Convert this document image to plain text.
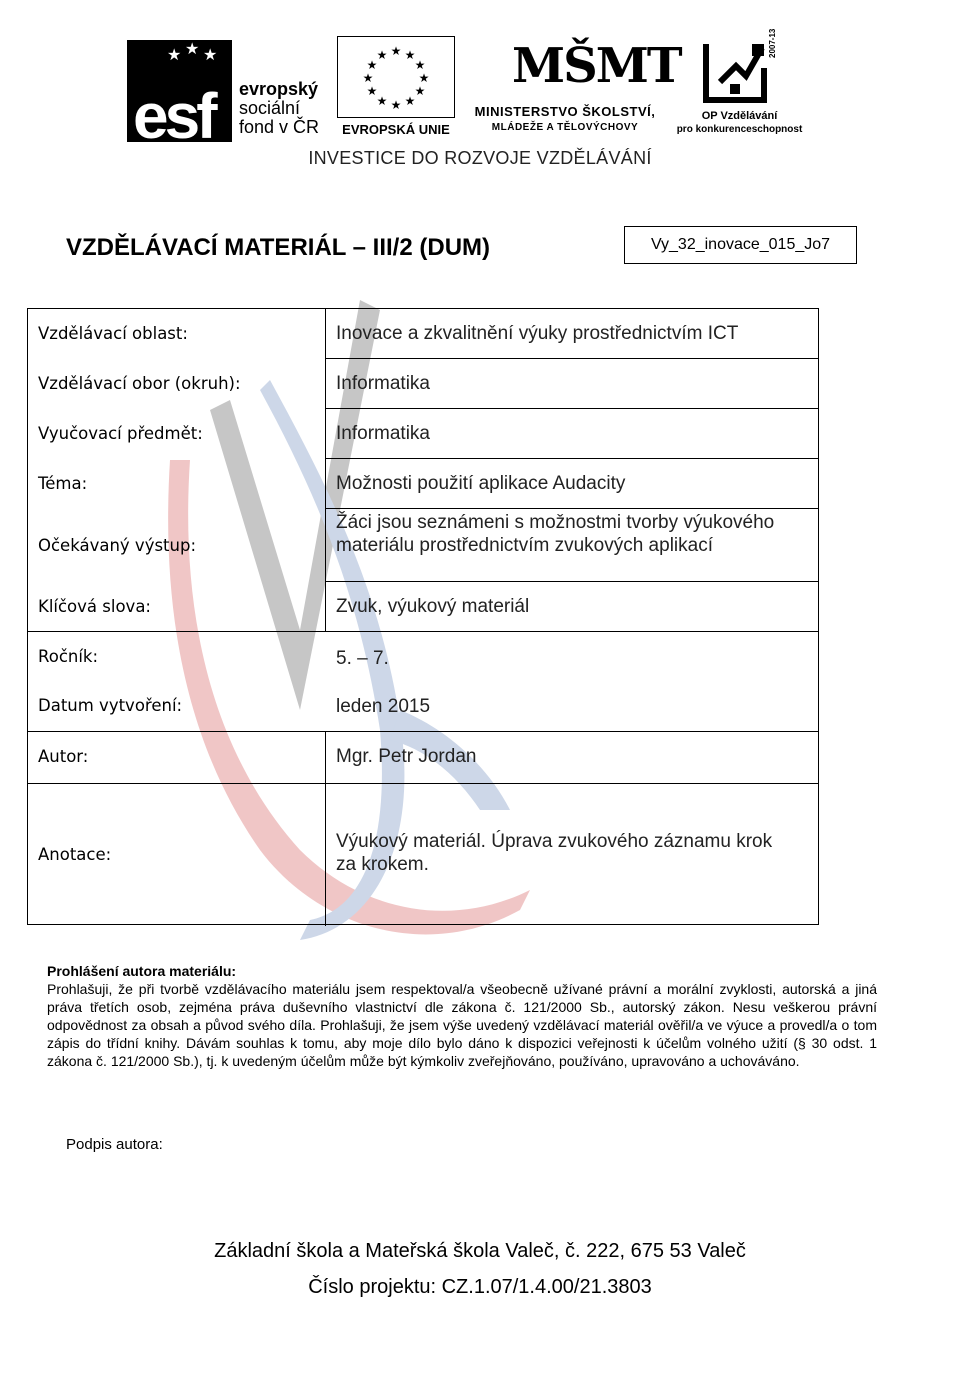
★ ★ ★
esf evropský
sociální
fond v ČR
★ ★
★
★
★
★
★
★
★
★
★
★
EVROPSKÁ UNIE
MŠMT
MINISTERSTVO ŠKOLSTVÍ,
MLÁDEŽE A TĚLOVÝCHOVY
2007-13
OP Vzdělávání
pro konkurenceschopnost
INVESTICE DO ROZVOJE VZDĚLÁVÁNÍ
VZDĚLÁVACÍ MATERIÁL – III/2 (DUM)	Vy_32_inovace_015_Jo7
Vzdělávací oblast:
Vzdělávací obor (okruh):
Vyučovací předmět:
Téma:
Očekávaný výstup:
Klíčová slova:
Ročník:
Datum vytvoření:
Autor:
Anotace:
Inovace a zkvalitnění výuky prostřednictvím ICT
Informatika
Informatika
Možnosti použití aplikace Audacity
Žáci jsou seznámeni s možnostmi tvorby výukového materiálu prostřednictvím zvukových aplikací
Zvuk, výukový materiál
5. – 7.
leden 2015
Mgr. Petr Jordan
Výukový materiál. Úprava zvukového záznamu krok za krokem.
Prohlášení autora materiálu:
Prohlašuji, že při tvorbě vzdělávacího materiálu jsem respektoval/a všeobecně užívané právní a morální zvyklosti, autorská a jiná práva třetích osob, zejména práva duševního vlastnictví dle zákona č. 121/2000 Sb., autorský zákon. Nesu veškerou právní odpovědnost za obsah a původ svého díla. Prohlašuji, že jsem výše uvedený vzdělávací materiál ověřil/a ve výuce a provedl/a o tom zápis do třídní knihy. Dávám souhlas k tomu, aby moje dílo bylo dáno k dispozici veřejnosti k účelům volného užití (§ 30 odst. 1 zákona č. 121/2000 Sb.), tj. k uvedeným účelům může být kýmkoliv zveřejňováno, používáno, upravováno a uchováváno.
Podpis autora:
Základní škola a Mateřská škola Valeč, č. 222, 675 53 Valeč
Číslo projektu: CZ.1.07/1.4.00/21.3803
